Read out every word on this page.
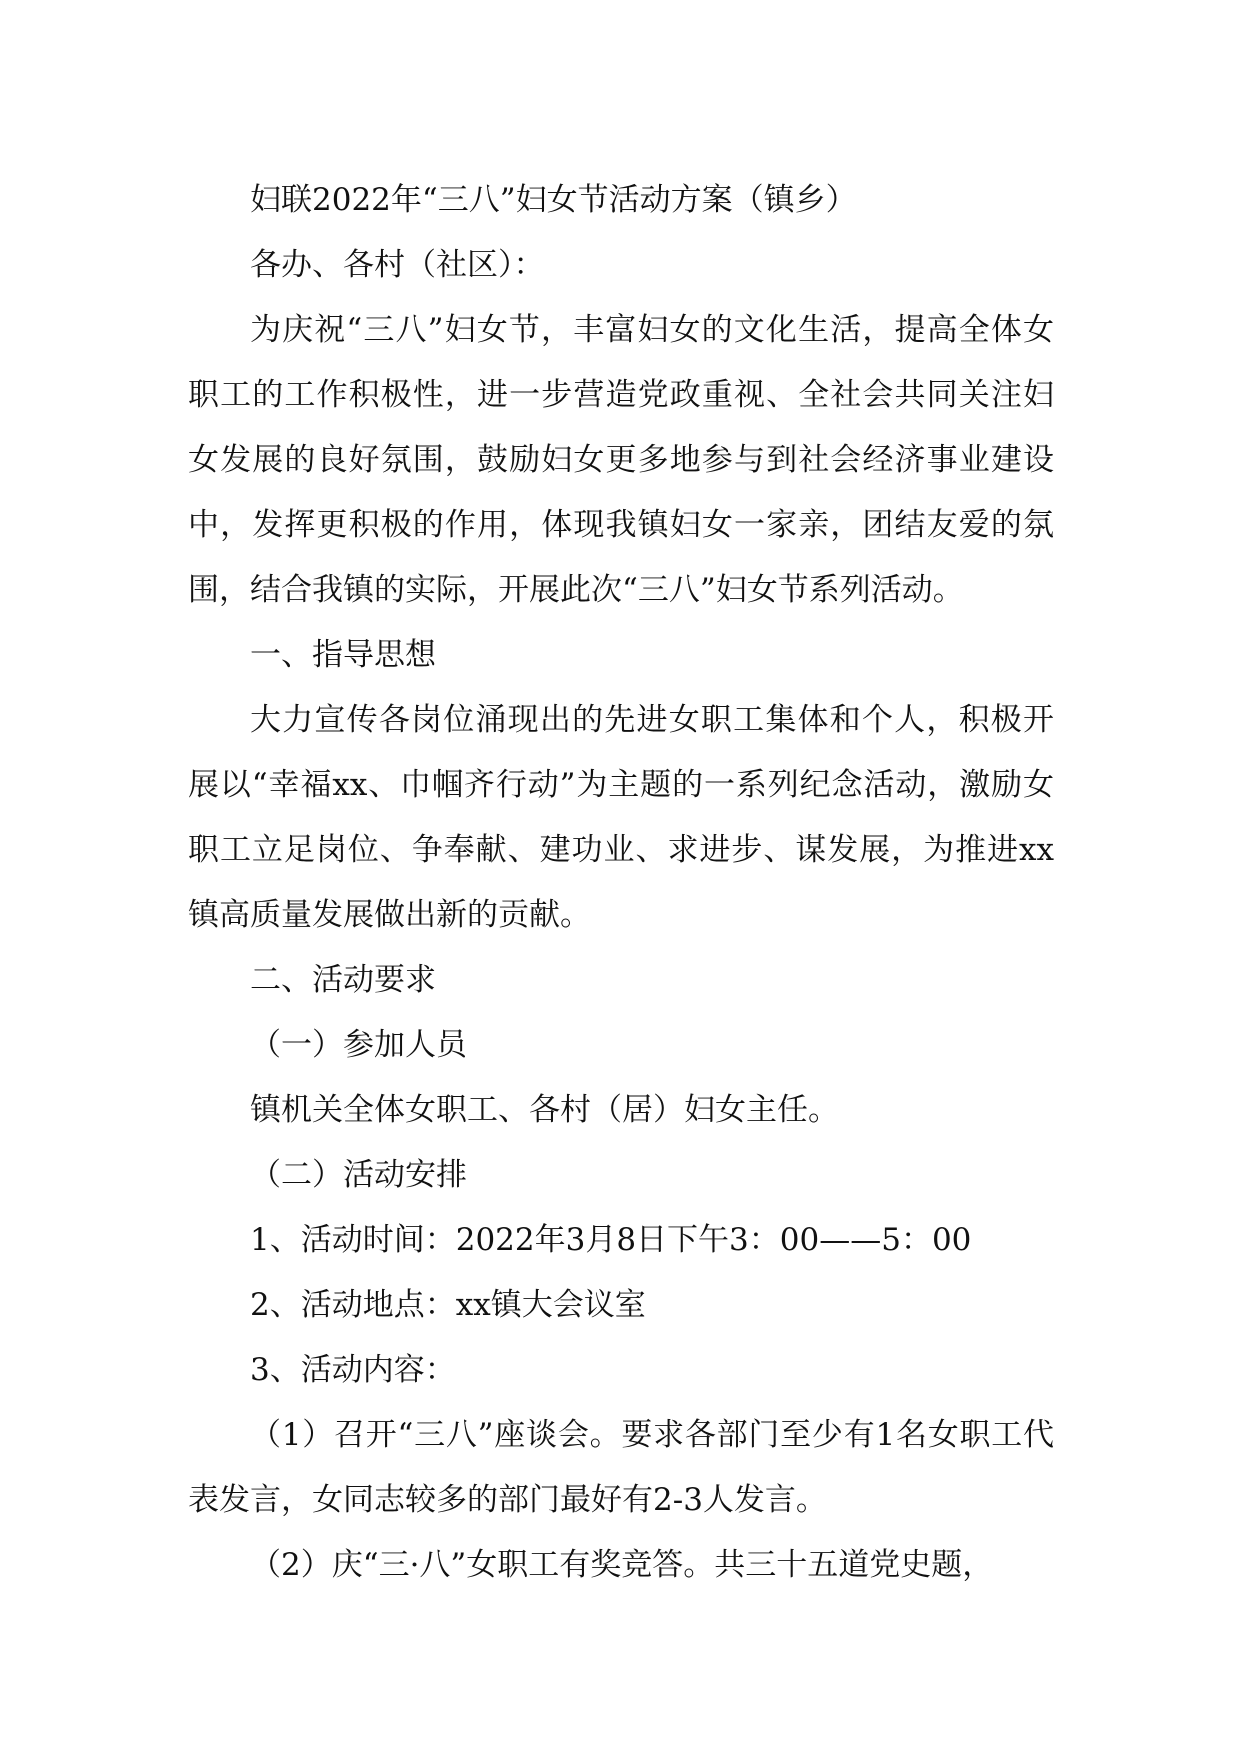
妇联2022年“三八”妇女节活动方案（镇乡）

各办、各村（社区）：

为庆祝“三八”妇女节，丰富妇女的文化生活，提高全体女职工的工作积极性，进一步营造党政重视、全社会共同关注妇女发展的良好氛围，鼓励妇女更多地参与到社会经济事业建设中，发挥更积极的作用，体现我镇妇女一家亲，团结友爱的氛围，结合我镇的实际，开展此次“三八”妇女节系列活动。

一、指导思想

大力宣传各岗位涌现出的先进女职工集体和个人，积极开展以“幸福xx、巾帼齐行动”为主题的一系列纪念活动，激励女职工立足岗位、争奉献、建功业、求进步、谋发展，为推进xx镇高质量发展做出新的贡献。

二、活动要求

（一）参加人员

镇机关全体女职工、各村（居）妇女主任。

（二）活动安排

1、活动时间：2022年3月8日下午3：00——5：00

2、活动地点：xx镇大会议室

3、活动内容：

（1）召开“三八”座谈会。要求各部门至少有1名女职工代表发言，女同志较多的部门最好有2-3人发言。

（2）庆“三·八”女职工有奖竞答。共三十五道党史题，
